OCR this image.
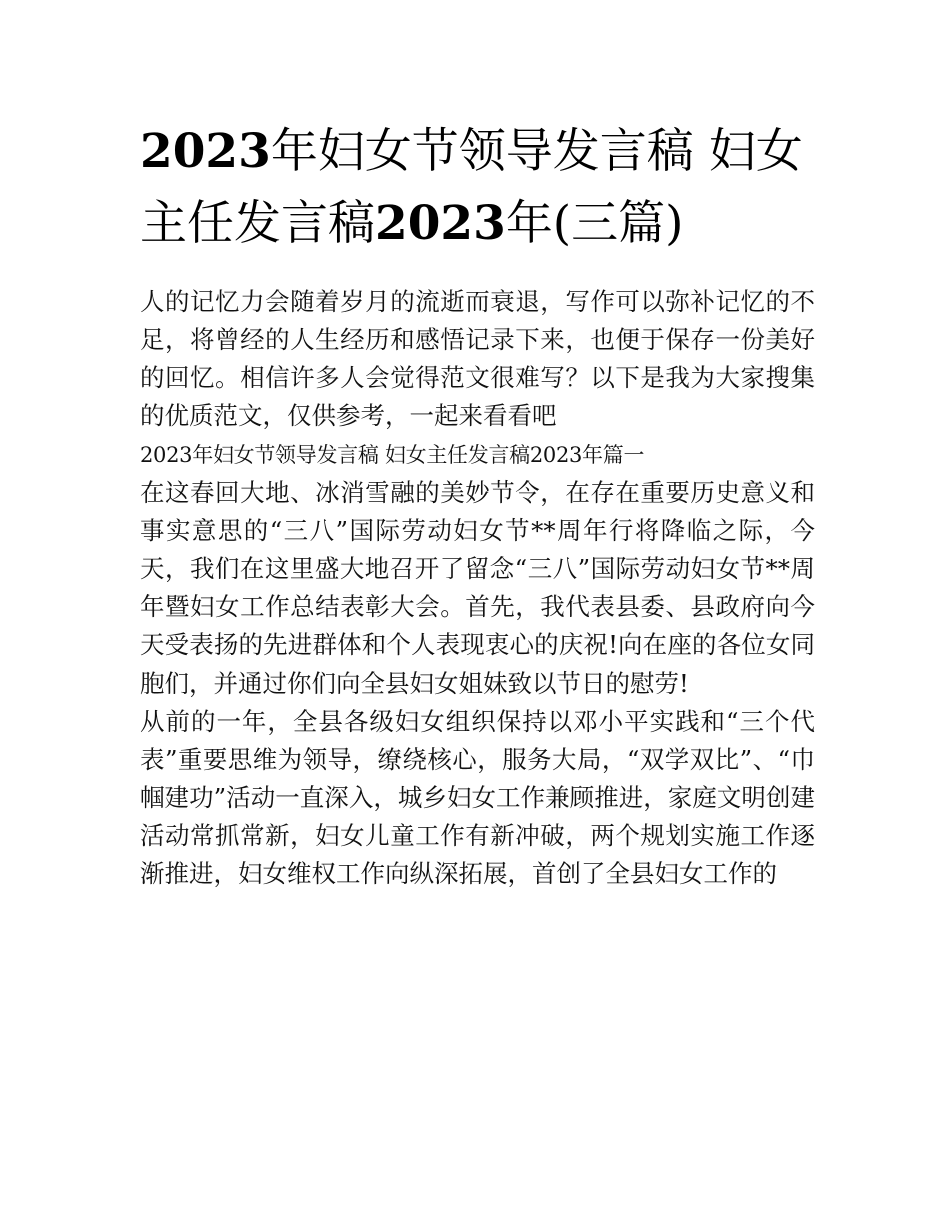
2023年妇女节领导发言稿 妇女主任发言稿2023年(三篇)

人的记忆力会随着岁月的流逝而衰退，写作可以弥补记忆的不足，将曾经的人生经历和感悟记录下来，也便于保存一份美好的回忆。相信许多人会觉得范文很难写？以下是我为大家搜集的优质范文，仅供参考，一起来看看吧

2023年妇女节领导发言稿 妇女主任发言稿2023年篇一

在这春回大地、冰消雪融的美妙节令，在存在重要历史意义和事实意思的“三八”国际劳动妇女节**周年行将降临之际，今天，我们在这里盛大地召开了留念“三八”国际劳动妇女节**周年暨妇女工作总结表彰大会。首先，我代表县委、县政府向今天受表扬的先进群体和个人表现衷心的庆祝!向在座的各位女同胞们，并通过你们向全县妇女姐妹致以节日的慰劳!

从前的一年，全县各级妇女组织保持以邓小平实践和“三个代表”重要思维为领导，缭绕核心，服务大局，“双学双比”、“巾帼建功”活动一直深入，城乡妇女工作兼顾推进，家庭文明创建活动常抓常新，妇女儿童工作有新冲破，两个规划实施工作逐渐推进，妇女维权工作向纵深拓展，首创了全县妇女工作的
